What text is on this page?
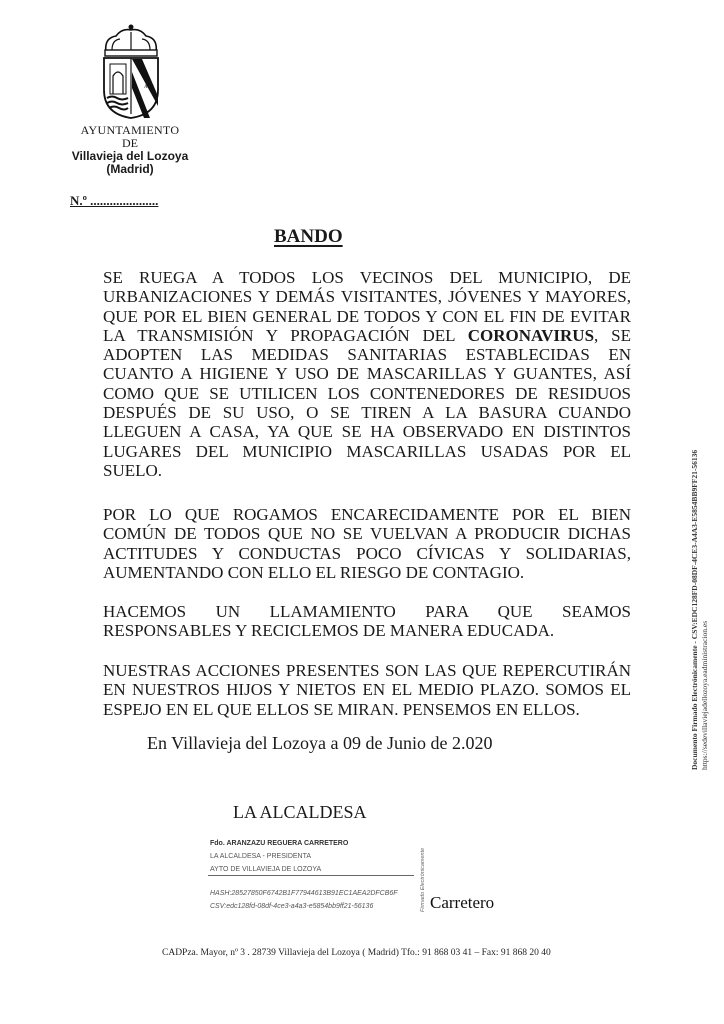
AVE
AYUNTAMIENTO
DE
Villavieja del Lozoya
(Madrid)
N.º .....................
BANDO
SE RUEGA A TODOS LOS VECINOS DEL MUNICIPIO, DE URBANIZACIONES Y DEMÁS VISITANTES, JÓVENES Y MAYORES, QUE POR EL BIEN GENERAL DE TODOS Y CON EL FIN DE EVITAR LA TRANSMISIÓN Y PROPAGACIÓN DEL CORONAVIRUS, SE ADOPTEN LAS MEDIDAS SANITARIAS ESTABLECIDAS EN CUANTO A HIGIENE Y USO DE MASCARILLAS Y GUANTES, ASÍ COMO QUE SE UTILICEN LOS CONTENEDORES DE RESIDUOS DESPUÉS DE SU USO, O SE TIREN A LA BASURA CUANDO LLEGUEN A CASA, YA QUE SE HA OBSERVADO EN DISTINTOS LUGARES DEL MUNICIPIO MASCARILLAS USADAS POR EL SUELO.
POR LO QUE ROGAMOS ENCARECIDAMENTE POR EL BIEN COMÚN DE TODOS QUE NO SE VUELVAN A PRODUCIR DICHAS ACTITUDES Y CONDUCTAS POCO CÍVICAS Y SOLIDARIAS, AUMENTANDO CON ELLO EL RIESGO DE CONTAGIO.
HACEMOS UN LLAMAMIENTO PARA QUE SEAMOS RESPONSABLES Y RECICLEMOS DE MANERA EDUCADA.
NUESTRAS ACCIONES PRESENTES SON LAS QUE REPERCUTIRÁN EN NUESTROS HIJOS Y NIETOS EN EL MEDIO PLAZO. SOMOS EL ESPEJO EN EL QUE ELLOS SE MIRAN. PENSEMOS EN ELLOS.
En Villavieja del Lozoya a 09 de Junio de 2.020
LA ALCALDESA
Fdo. ARANZAZU REGUERA CARRETERO
LA ALCALDESA - PRESIDENTA
AYTO DE VILLAVIEJA DE LOZOYA
HASH:28527850F6742B1F77944613B91EC1AEA2DFCB6F
CSV:edc128fd-08df-4ce3-a4a3-e5854bb9ff21-56136	Firmado Electrónicamente Carretero
CADPza. Mayor, nº 3 . 28739 Villavieja del Lozoya ( Madrid) Tfo.: 91 868 03 41 – Fax: 91 868 20 40
Documento Firmado Electrónicamente - CSV:EDC128FD-08DF-4CE3-A4A3-E5854BB9FF21-56136 https://sedevillaviejadellozoya.eadministracion.es
